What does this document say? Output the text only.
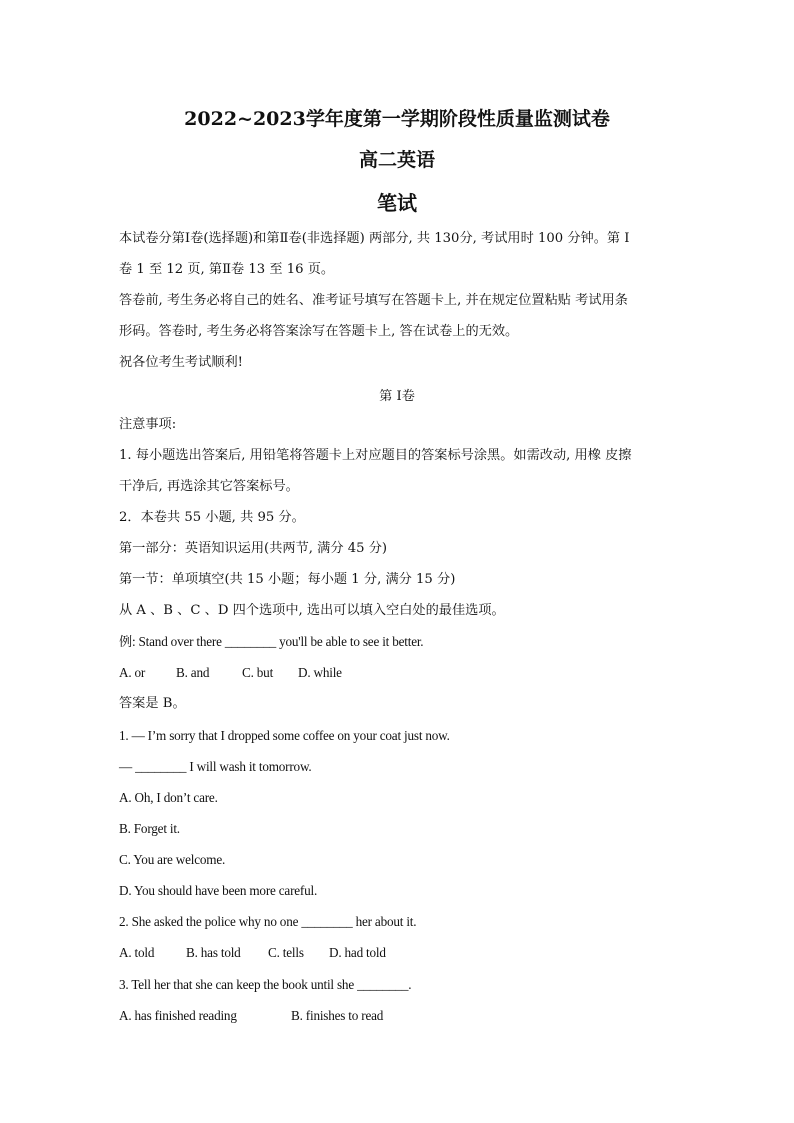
2022~2023学年度第一学期阶段性质量监测试卷
高二英语
笔试
本试卷分第Ⅰ卷(选择题)和第Ⅱ卷(非选择题) 两部分, 共 130分, 考试用时 100 分钟。第 Ⅰ
卷 1 至 12 页, 第Ⅱ卷 13 至 16 页。
答卷前, 考生务必将自己的姓名、准考证号填写在答题卡上, 并在规定位置粘贴 考试用条
形码。答卷时, 考生务必将答案涂写在答题卡上, 答在试卷上的无效。
祝各位考生考试顺利!
第 Ⅰ卷
注意事项:
1. 每小题选出答案后, 用铅笔将答题卡上对应题目的答案标号涂黑。如需改动, 用橡 皮擦
干净后, 再选涂其它答案标号。
2．本卷共 55 小题, 共 95 分。
第一部分：英语知识运用(共两节, 满分 45 分)
第一节：单项填空(共 15 小题；每小题 1 分, 满分 15 分)
从 A 、B 、C 、D 四个选项中, 选出可以填入空白处的最佳选项。
例: Stand over there ________ you'll be able to see it better.
A. or B. and C. but D. while
答案是 B。
1. — I’m sorry that I dropped some coffee on your coat just now.
— ________ I will wash it tomorrow.
A. Oh, I don’t care.
B. Forget it.
C. You are welcome.
D. You should have been more careful.
2. She asked the police why no one ________ her about it.
A. told B. has told C. tells D. had told
3. Tell her that she can keep the book until she ________.
A. has finished reading	B. finishes to read
